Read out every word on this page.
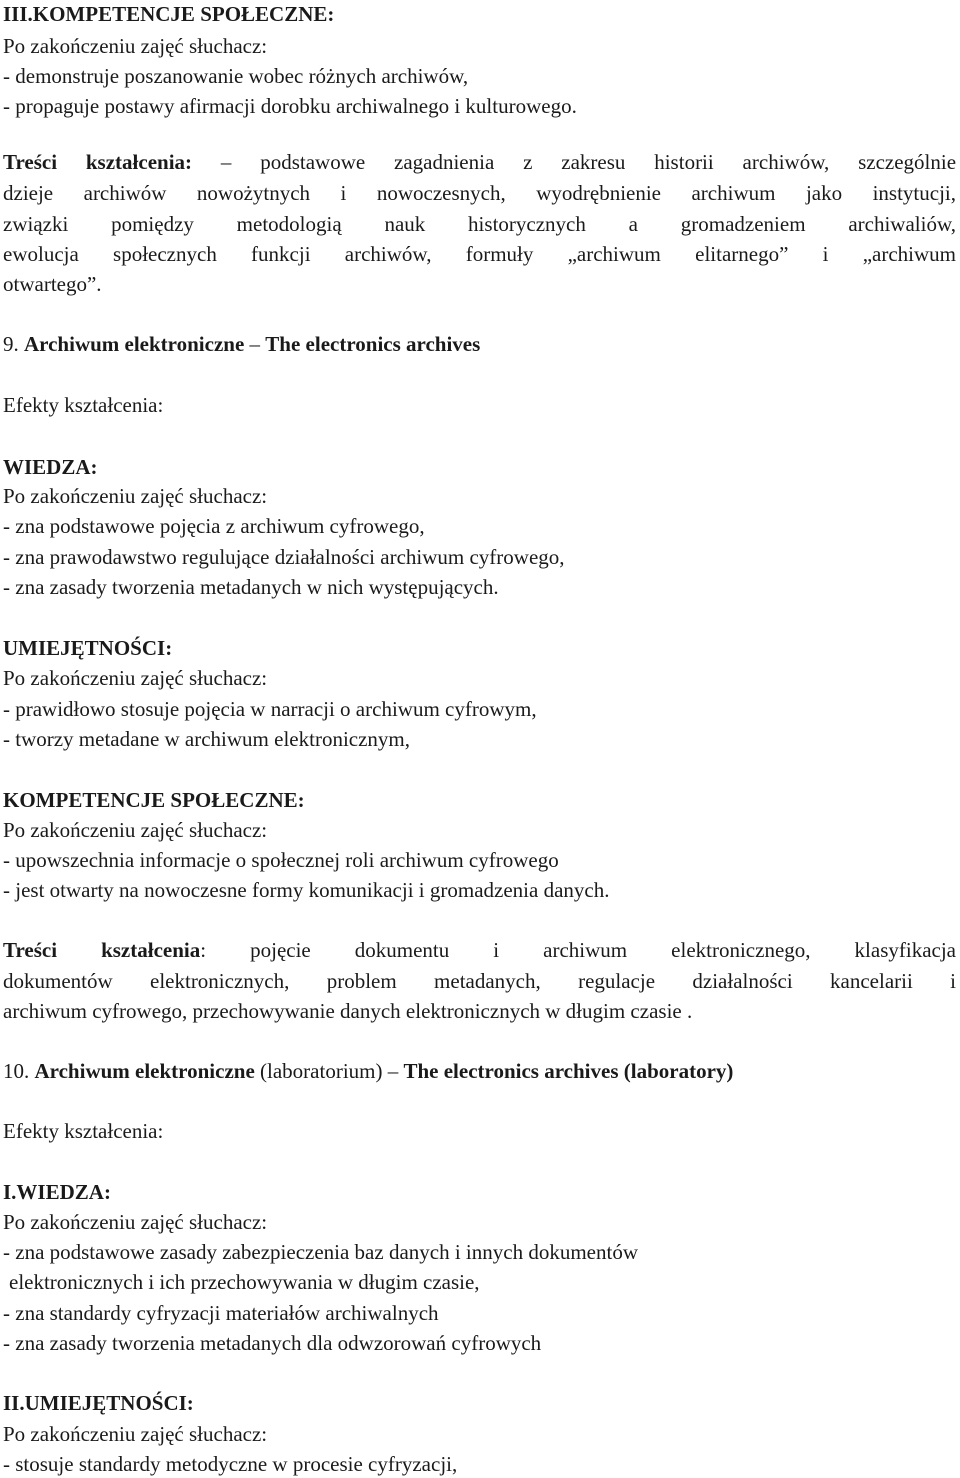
III.KOMPETENCJE SPOŁECZNE:
Po zakończeniu zajęć słuchacz:
- demonstruje poszanowanie wobec różnych archiwów,
- propaguje postawy afirmacji dorobku archiwalnego i kulturowego.
Treści kształcenia: – podstawowe zagadnienia z zakresu historii archiwów, szczególnie
dzieje archiwów nowożytnych i nowoczesnych, wyodrębnienie archiwum jako instytucji,
związki pomiędzy metodologią nauk historycznych a gromadzeniem archiwaliów,
ewolucja społecznych funkcji archiwów, formuły „archiwum elitarnego” i „archiwum
otwartego”.
9. Archiwum elektroniczne – The electronics archives
Efekty kształcenia:
WIEDZA:
Po zakończeniu zajęć słuchacz:
- zna podstawowe pojęcia z archiwum cyfrowego,
- zna prawodawstwo regulujące działalności archiwum cyfrowego,
- zna zasady tworzenia metadanych w nich występujących.
UMIEJĘTNOŚCI:
Po zakończeniu zajęć słuchacz:
- prawidłowo stosuje pojęcia w narracji o archiwum cyfrowym,
- tworzy metadane w archiwum elektronicznym,
KOMPETENCJE SPOŁECZNE:
Po zakończeniu zajęć słuchacz:
- upowszechnia informacje o społecznej roli archiwum cyfrowego
- jest otwarty na nowoczesne formy komunikacji i gromadzenia danych.
Treści kształcenia: pojęcie dokumentu i archiwum elektronicznego, klasyfikacja
dokumentów elektronicznych, problem metadanych, regulacje działalności kancelarii i
archiwum cyfrowego, przechowywanie danych elektronicznych w długim czasie .
10. Archiwum elektroniczne (laboratorium) – The electronics archives (laboratory)
Efekty kształcenia:
I.WIEDZA:
Po zakończeniu zajęć słuchacz:
- zna podstawowe zasady zabezpieczenia baz danych i innych dokumentów
elektronicznych i ich przechowywania w długim czasie,
- zna standardy cyfryzacji materiałów archiwalnych
- zna zasady tworzenia metadanych dla odwzorowań cyfrowych
II.UMIEJĘTNOŚCI:
Po zakończeniu zajęć słuchacz:
- stosuje standardy metodyczne w procesie cyfryzacji,
